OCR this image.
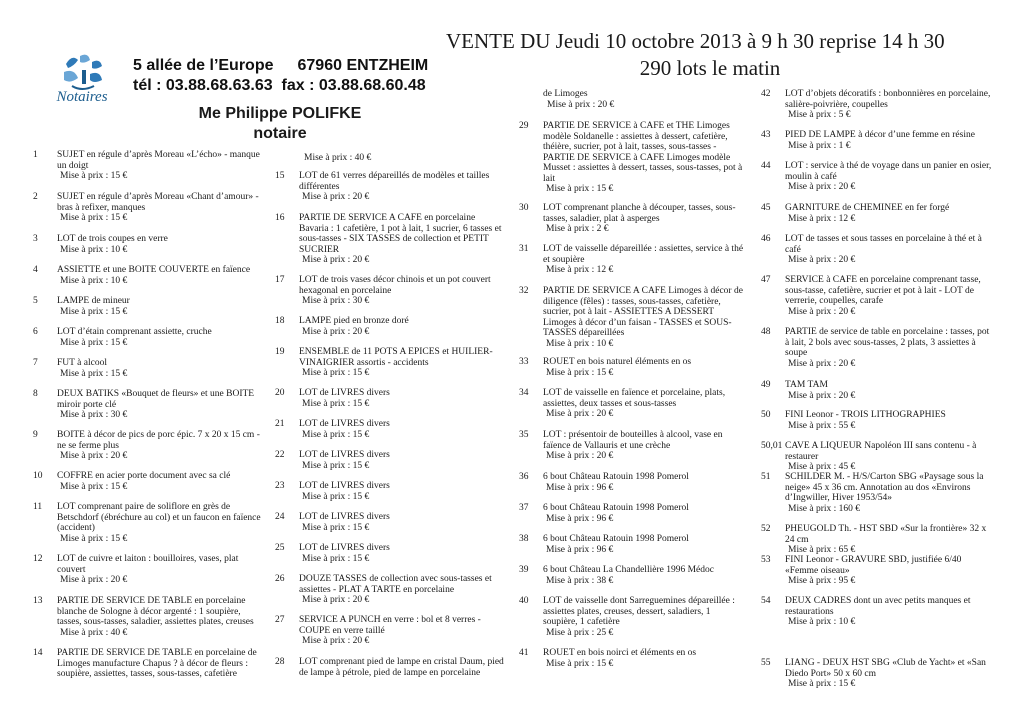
Notaires
5 allée de l’Europe 67960 ENTZHEIM
tél : 03.88.68.63.63 fax : 03.88.68.60.48
Me Philippe POLIFKE
notaire
VENTE DU Jeudi 10 octobre 2013 à 9 h 30 reprise 14 h 30
290 lots le matin
Mise à prix : 40 €
de Limoges
Mise à prix : 20 €
1 SUJET en régule d’après Moreau «L’écho» - manque un doigt
Mise à prix : 15 €
2 SUJET en régule d’après Moreau «Chant d’amour» - bras à refixer, manques
Mise à prix : 15 €
3 LOT de trois coupes en verre
Mise à prix : 10 €
4 ASSIETTE et une BOITE COUVERTE en faïence
Mise à prix : 10 €
5 LAMPE de mineur
Mise à prix : 15 €
6 LOT d’étain comprenant assiette, cruche
Mise à prix : 15 €
7 FUT à alcool
Mise à prix : 15 €
8 DEUX BATIKS «Bouquet de fleurs» et une BOITE miroir porte clé
Mise à prix : 30 €
9 BOITE à décor de pics de porc épic. 7 x 20 x 15 cm - ne se ferme plus
Mise à prix : 20 €
10 COFFRE en acier porte document avec sa clé
Mise à prix : 15 €
11 LOT comprenant paire de soliflore en grès de Betschdorf (ébréchure au col) et un faucon en faïence (accident)
Mise à prix : 15 €
12 LOT de cuivre et laiton : bouilloires, vases, plat couvert
Mise à prix : 20 €
13 PARTIE DE SERVICE DE TABLE en porcelaine blanche de Sologne à décor argenté : 1 soupière, tasses, sous-tasses, saladier, assiettes plates, creuses
Mise à prix : 40 €
14 PARTIE DE SERVICE DE TABLE en porcelaine de Limoges manufacture Chapus ? à décor de fleurs : soupière, assiettes, tasses, sous-tasses, cafetière
15 LOT de 61 verres dépareillés de modèles et tailles différentes
Mise à prix : 20 €
16 PARTIE DE SERVICE A CAFE en porcelaine Bavaria : 1 cafetière, 1 pot à lait, 1 sucrier, 6 tasses et sous-tasses - SIX TASSES de collection et PETIT SUCRIER
Mise à prix : 20 €
17 LOT de trois vases décor chinois et un pot couvert hexagonal en porcelaine
Mise à prix : 30 €
18 LAMPE pied en bronze doré
Mise à prix : 20 €
19 ENSEMBLE de 11 POTS A EPICES et HUILIER-VINAIGRIER assortis - accidents
Mise à prix : 15 €
20 LOT de LIVRES divers
Mise à prix : 15 €
21 LOT de LIVRES divers
Mise à prix : 15 €
22 LOT de LIVRES divers
Mise à prix : 15 €
23 LOT de LIVRES divers
Mise à prix : 15 €
24 LOT de LIVRES divers
Mise à prix : 15 €
25 LOT de LIVRES divers
Mise à prix : 15 €
26 DOUZE TASSES de collection avec sous-tasses et assiettes - PLAT A TARTE en porcelaine
Mise à prix : 20 €
27 SERVICE A PUNCH en verre : bol et 8 verres - COUPE en verre taillé
Mise à prix : 20 €
28 LOT comprenant pied de lampe en cristal Daum, pied de lampe à pétrole, pied de lampe en porcelaine
29 PARTIE DE SERVICE à CAFE et THE Limoges modèle Soldanelle : assiettes à dessert, cafetière, théière, sucrier, pot à lait, tasses, sous-tasses - PARTIE DE SERVICE à CAFE Limoges modèle Musset : assiettes à dessert, tasses, sous-tasses, pot à lait
Mise à prix : 15 €
30 LOT comprenant planche à découper, tasses, sous-tasses, saladier, plat à asperges
Mise à prix : 2 €
31 LOT de vaisselle dépareillée : assiettes, service à thé et soupière
Mise à prix : 12 €
32 PARTIE DE SERVICE A CAFE Limoges à décor de diligence (fêles) : tasses, sous-tasses, cafetière, sucrier, pot à lait - ASSIETTES A DESSERT Limoges à décor d’un faisan - TASSES et SOUS-TASSES dépareillées
Mise à prix : 10 €
33 ROUET en bois naturel éléments en os
Mise à prix : 15 €
34 LOT de vaisselle en faïence et porcelaine, plats, assiettes, deux tasses et sous-tasses
Mise à prix : 20 €
35 LOT : présentoir de bouteilles à alcool, vase en faïence de Vallauris et une crèche
Mise à prix : 20 €
36 6 bout Château Ratouin 1998 Pomerol
Mise à prix : 96 €
37 6 bout Château Ratouin 1998 Pomerol
Mise à prix : 96 €
38 6 bout Château Ratouin 1998 Pomerol
Mise à prix : 96 €
39 6 bout Château La Chandellière 1996 Médoc
Mise à prix : 38 €
40 LOT de vaisselle dont Sarreguemines dépareillée : assiettes plates, creuses, dessert, saladiers, 1 soupière, 1 cafetière
Mise à prix : 25 €
41 ROUET en bois noirci et éléments en os
Mise à prix : 15 €
42 LOT d’objets décoratifs : bonbonnières en porcelaine, salière-poivrière, coupelles
Mise à prix : 5 €
43 PIED DE LAMPE à décor d’une femme en résine
Mise à prix : 1 €
44 LOT : service à thé de voyage dans un panier en osier, moulin à café
Mise à prix : 20 €
45 GARNITURE de CHEMINEE en fer forgé
Mise à prix : 12 €
46 LOT de tasses et sous tasses en porcelaine à thé et à café
Mise à prix : 20 €
47 SERVICE à CAFE en porcelaine comprenant tasse, sous-tasse, cafetière, sucrier et pot à lait - LOT de verrerie, coupelles, carafe
Mise à prix : 20 €
48 PARTIE de service de table en porcelaine : tasses, pot à lait, 2 bols avec sous-tasses, 2 plats, 3 assiettes à soupe
Mise à prix : 20 €
49 TAM TAM
Mise à prix : 20 €
50 FINI Leonor - TROIS LITHOGRAPHIES
Mise à prix : 55 €
50,01 CAVE A LIQUEUR Napoléon III sans contenu - à restaurer
Mise à prix : 45 €
51 SCHILDER M. - H/S/Carton SBG «Paysage sous la neige» 45 x 36 cm. Annotation au dos «Environs d’Ingwiller, Hiver 1953/54»
Mise à prix : 160 €
52 PHEUGOLD Th. - HST SBD «Sur la frontière» 32 x 24 cm
Mise à prix : 65 €
53 FINI Leonor - GRAVURE SBD, justifiée 6/40 «Femme oiseau»
Mise à prix : 95 €
54 DEUX CADRES dont un avec petits manques et restaurations
Mise à prix : 10 €
55 LIANG - DEUX HST SBG «Club de Yacht» et «San Diedo Port» 50 x 60 cm
Mise à prix : 15 €
